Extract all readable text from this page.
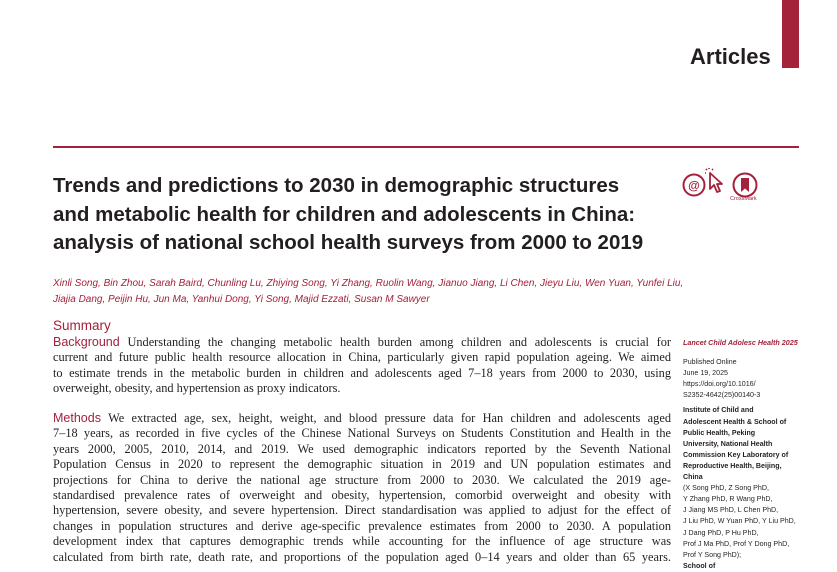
Articles
Trends and predictions to 2030 in demographic structures
and metabolic health for children and adolescents in China:
analysis of national school health surveys from 2000 to 2019
@
CrossMark
Xinli Song, Bin Zhou, Sarah Baird, Chunling Lu, Zhiying Song, Yi Zhang, Ruolin Wang, Jianuo Jiang, Li Chen, Jieyu Liu, Wen Yuan, Yunfei Liu,
Jiajia Dang, Peijin Hu, Jun Ma, Yanhui Dong, Yi Song, Majid Ezzati, Susan M Sawyer
Summary
Background Understanding the changing metabolic health burden among children and adolescents is crucial for
current and future public health resource allocation in China, particularly given rapid population ageing. We aimed
to estimate trends in the metabolic burden in children and adolescents aged 7–18 years from 2000 to 2030, using
overweight, obesity, and hypertension as proxy indicators.
Methods We extracted age, sex, height, weight, and blood pressure data for Han children and adolescents aged
7–18 years, as recorded in five cycles of the Chinese National Surveys on Students Constitution and Health in the
years 2000, 2005, 2010, 2014, and 2019. We used demographic indicators reported by the Seventh National
Population Census in 2020 to represent the demographic situation in 2019 and UN population estimates and
projections for China to derive the national age structure from 2000 to 2030. We calculated the 2019 age-
standardised prevalence rates of overweight and obesity, hypertension, comorbid overweight and obesity with
hypertension, severe obesity, and severe hypertension. Direct standardisation was applied to adjust for the effect of
changes in population structures and derive age-specific prevalence estimates from 2000 to 2030. A population
development index that captures demographic trends while accounting for the influence of age structure was
calculated from birth rate, death rate, and proportions of the population aged 0–14 years and older than 65 years.
Lancet Child Adolesc Health 2025
Published Online
June 19, 2025
https://doi.org/10.1016/
S2352-4642(25)00140-3
Institute of Child and
Adolescent Health & School of
Public Health, Peking
University, National Health
Commission Key Laboratory of
Reproductive Health, Beijing,
China
(X Song PhD, Z Song PhD,
Y Zhang PhD, R Wang PhD,
J Jiang MS PhD, L Chen PhD,
J Liu PhD, W Yuan PhD, Y Liu PhD,
J Dang PhD, P Hu PhD,
Prof J Ma PhD, Prof Y Dong PhD,
Prof Y Song PhD);
School of
